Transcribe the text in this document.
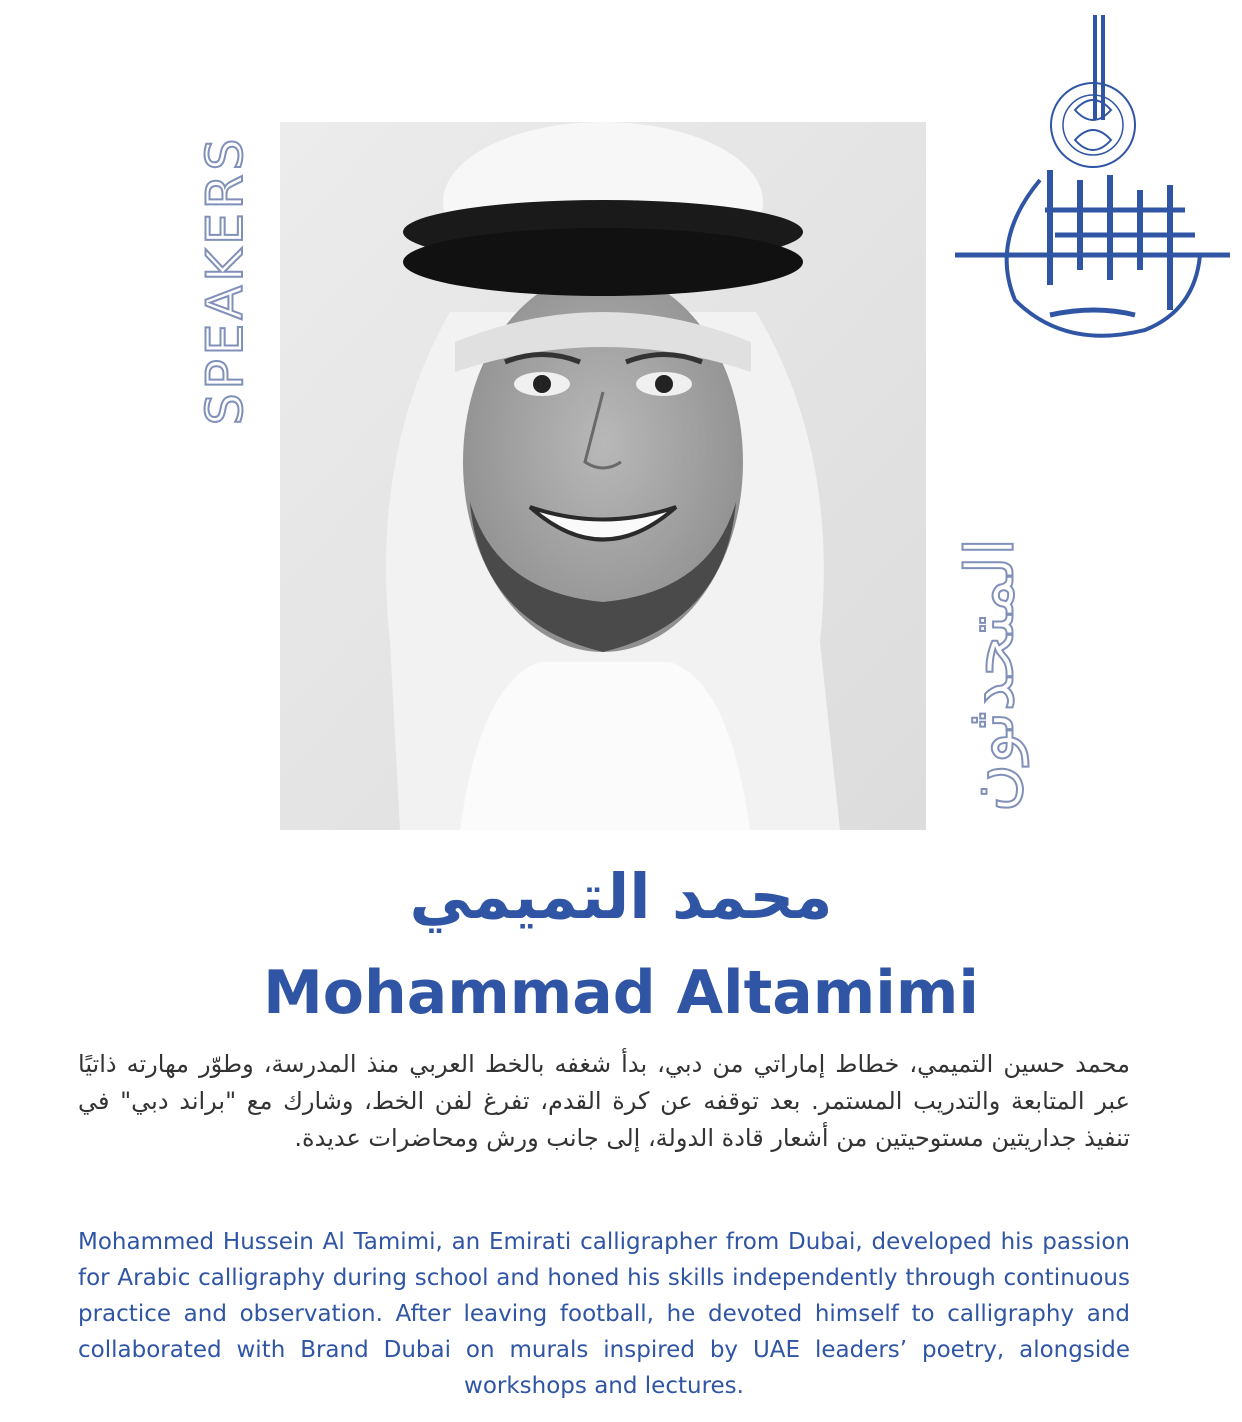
SPEAKERS
المتحدثون
محمد التميمي
Mohammad Altamimi
محمد حسين التميمي، خطاط إماراتي من دبي، بدأ شغفه بالخط العربي منذ المدرسة، وطوّر مهارته ذاتيًا عبر المتابعة والتدريب المستمر. بعد توقفه عن كرة القدم، تفرغ لفن الخط، وشارك مع "براند دبي" في تنفيذ جداريتين مستوحيتين من أشعار قادة الدولة، إلى جانب ورش ومحاضرات عديدة.
Mohammed Hussein Al Tamimi, an Emirati calligrapher from Dubai, developed his passion for Arabic calligraphy during school and honed his skills independently through continuous practice and observation. After leaving football, he devoted himself to calligraphy and collaborated with Brand Dubai on murals inspired by UAE leaders’ poetry, alongside workshops and lectures.
